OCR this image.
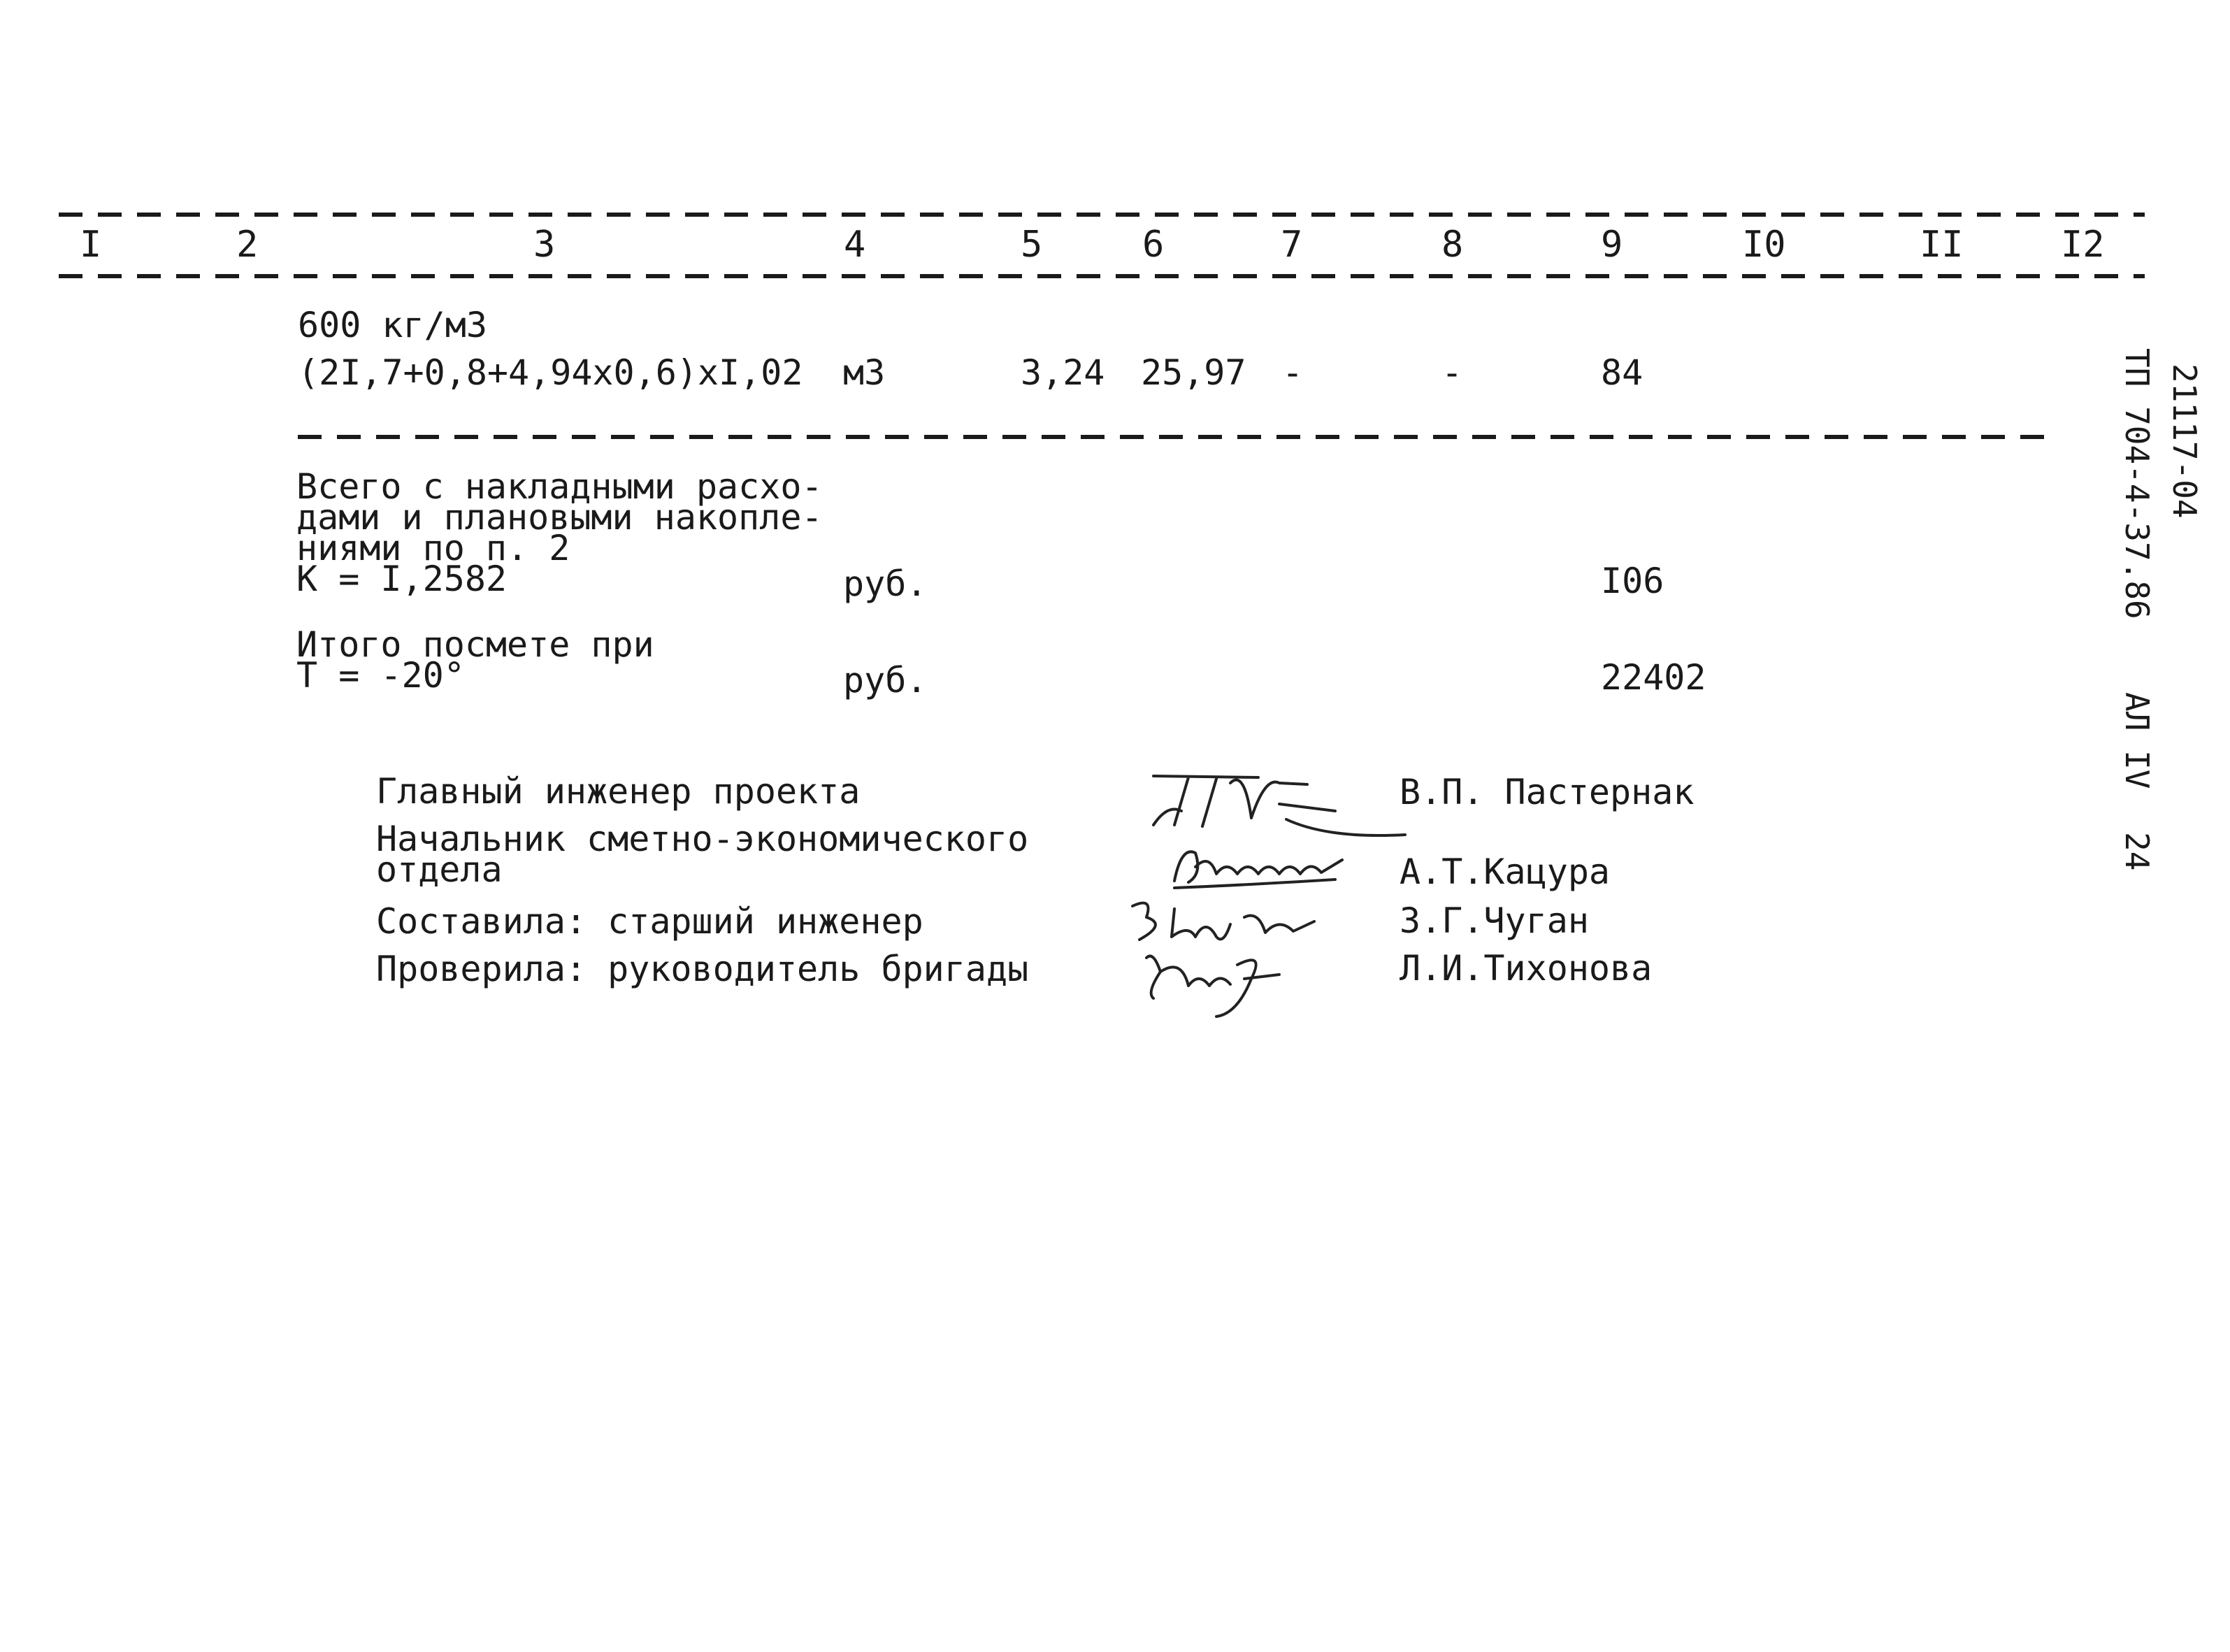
I	2	3	4	5	6	7	8	9	I0	II	I2
600 кг/м3
(2I,7+0,8+4,94x0,6)xI,02 м3	3,24 25,97 -	-	84
Всего с накладными расхо-
дами и плановыми накопле-
ниями по п. 2
К = I,2582	руб.	I06
Итого посмете при
Т = -20°	руб.	22402
Главный инженер проекта	В.П. Пастернак
Начальник сметно-экономического
отдела	А.Т.Кацура
Составила: старший инженер	З.Г.Чуган
Проверила: руководитель бригады	Л.И.Тихонова
ТП 704-4-37.86 21117-04
АЛ IV
24
